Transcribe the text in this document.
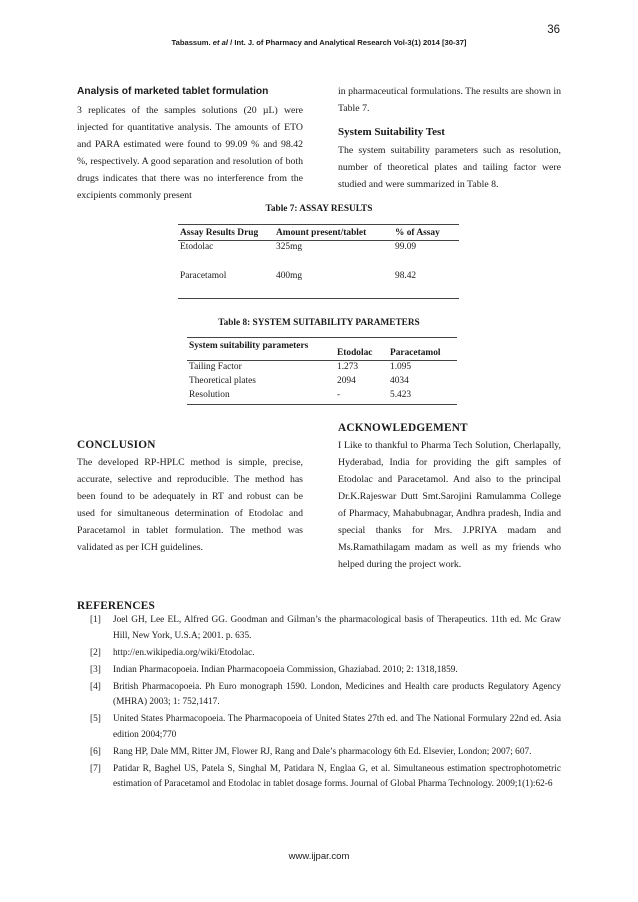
36
Tabassum. et al / Int. J. of Pharmacy and Analytical Research Vol-3(1) 2014 [30-37]
Analysis of marketed tablet formulation

3 replicates of the samples solutions (20 µL) were injected for quantitative analysis. The amounts of ETO and PARA estimated were found to 99.09 % and 98.42 %, respectively. A good separation and resolution of both drugs indicates that there was no interference from the excipients commonly present

in pharmaceutical formulations. The results are shown in Table 7.

System Suitability Test

The system suitability parameters such as resolution, number of theoretical plates and tailing factor were studied and were summarized in Table 8.

Table 7: ASSAY RESULTS
Assay Results Drug	Amount present/tablet	% of Assay
Etodolac	325mg	99.09
Paracetamol	400mg	98.42
Table 8: SYSTEM SUITABILITY PARAMETERS
System suitability parameters	Etodolac	Paracetamol
Tailing Factor	1.273	1.095
Theoretical plates	2094	4034
Resolution	-	5.423
CONCLUSION

The developed RP-HPLC method is simple, precise, accurate, selective and reproducible. The method has been found to be adequately in RT and robust can be used for simultaneous determination of Etodolac and Paracetamol in tablet formulation. The method was validated as per ICH guidelines.

ACKNOWLEDGEMENT

I Like to thankful to Pharma Tech Solution, Cherlapally, Hyderabad, India for providing the gift samples of Etodolac and Paracetamol. And also to the principal Dr.K.Rajeswar Dutt Smt.Sarojini Ramulamma College of Pharmacy, Mahabubnagar, Andhra pradesh, India and special thanks for Mrs. J.PRIYA madam and Ms.Ramathilagam madam as well as my friends who helped during the project work.

REFERENCES
[1]	Joel GH, Lee EL, Alfred GG. Goodman and Gilman’s the pharmacological basis of Therapeutics. 11th ed. Mc Graw Hill, New York, U.S.A; 2001. p. 635.
[2]	http://en.wikipedia.org/wiki/Etodolac.
[3]	Indian Pharmacopoeia. Indian Pharmacopoeia Commission, Ghaziabad. 2010; 2: 1318,1859.
[4]	British Pharmacopoeia. Ph Euro monograph 1590. London, Medicines and Health care products Regulatory Agency (MHRA) 2003; 1: 752,1417.
[5]	United States Pharmacopoeia. The Pharmacopoeia of United States 27th ed. and The National Formulary 22nd ed. Asia edition 2004;770
[6]	Rang HP, Dale MM, Ritter JM, Flower RJ, Rang and Dale’s pharmacology 6th Ed. Elsevier, London; 2007; 607.
[7]	Patidar R, Baghel US, Patela S, Singhal M, Patidara N, Englaa G, et al. Simultaneous estimation spectrophotometric estimation of Paracetamol and Etodolac in tablet dosage forms. Journal of Global Pharma Technology. 2009;1(1):62-6
www.ijpar.com
